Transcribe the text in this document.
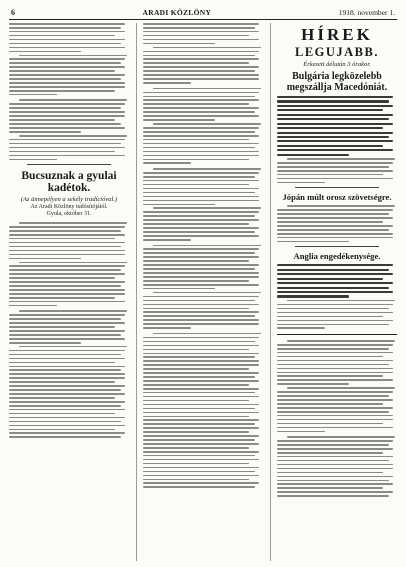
6	ARADI KÖZLÖNY	1918. november 1.
Bucsuznak a gyulai kadétok.
(Az ünnepélyen a sekély tradícióval.)
Az Aradi Közlöny tudósítójától.
Gyula, október 31.
HÍREK
LEGUJABB.
Érkezett délután 3 órakor.
Bulgária legközelebb megszállja Macedóniát.
Jópán múlt orosz szövetségre.
Anglia engedékenysége.
